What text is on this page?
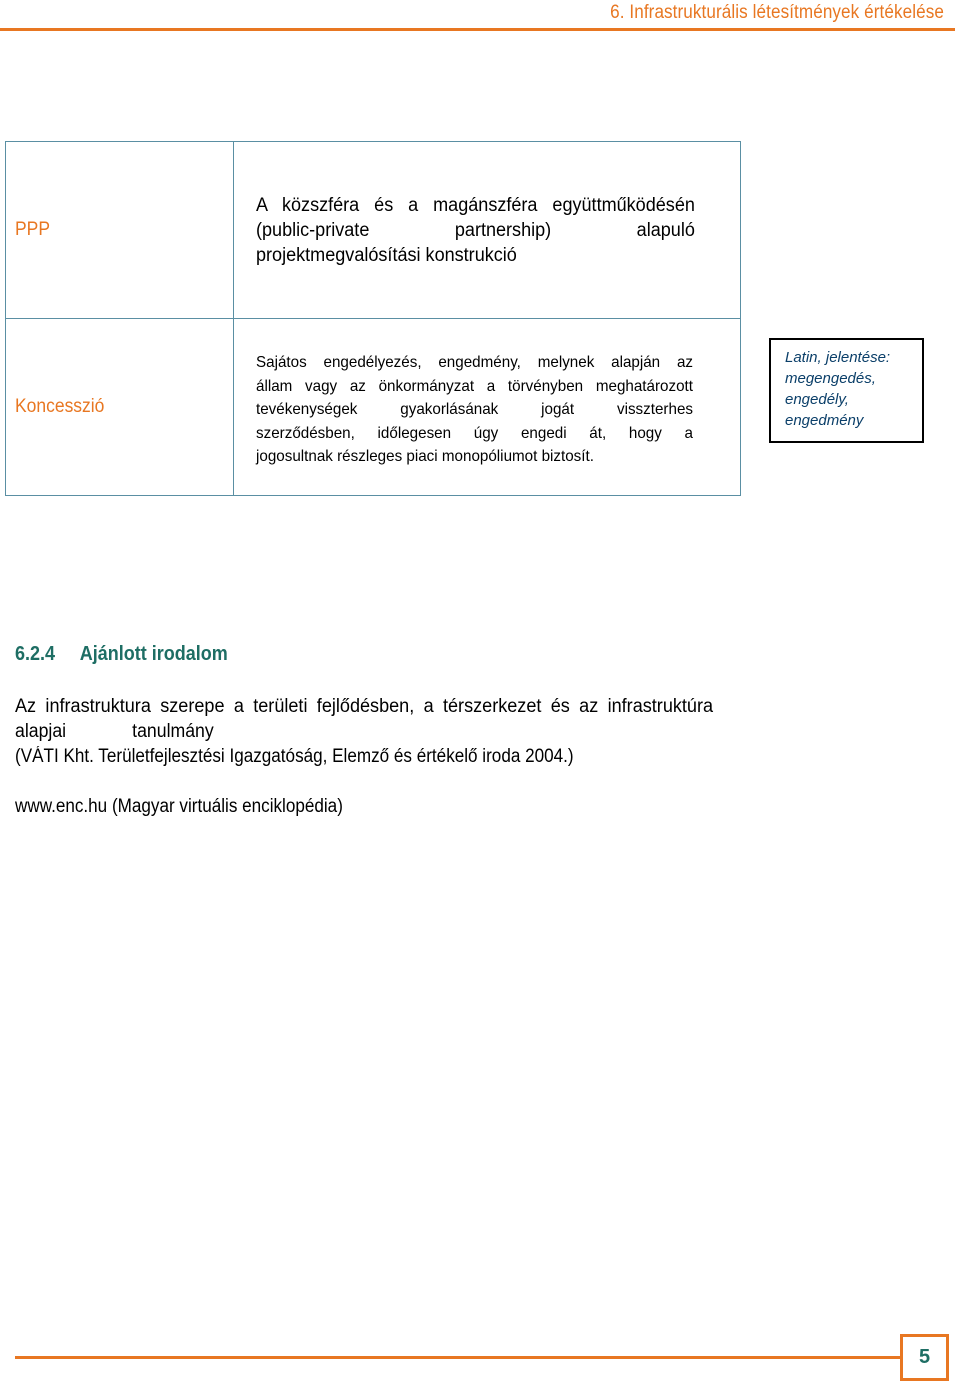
6. Infrastrukturális létesítmények értékelése
PPP	A közszféra és a magánszféra együttműködésén
(public-private partnership) alapuló
projektmegvalósítási konstrukció

Koncesszió	Sajátos engedélyezés, engedmény, melynek alapján az
állam vagy az önkormányzat a törvényben meghatározott
tevékenységek gyakorlásának jogát visszterhes
szerződésben, időlegesen úgy engedi át, hogy a
jogosultnak részleges piaci monopóliumot biztosít.
Latin, jelentése:
megengedés,
engedély,
engedmény
6.2.4 Ajánlott irodalom
Az infrastruktura szerepe a területi fejlődésben, a térszerkezet és az infrastruktúra
alapjai	tanulmány
(VÁTI Kht. Területfejlesztési Igazgatóság, Elemző és értékelő iroda 2004.)
www.enc.hu (Magyar virtuális enciklopédia)
5
